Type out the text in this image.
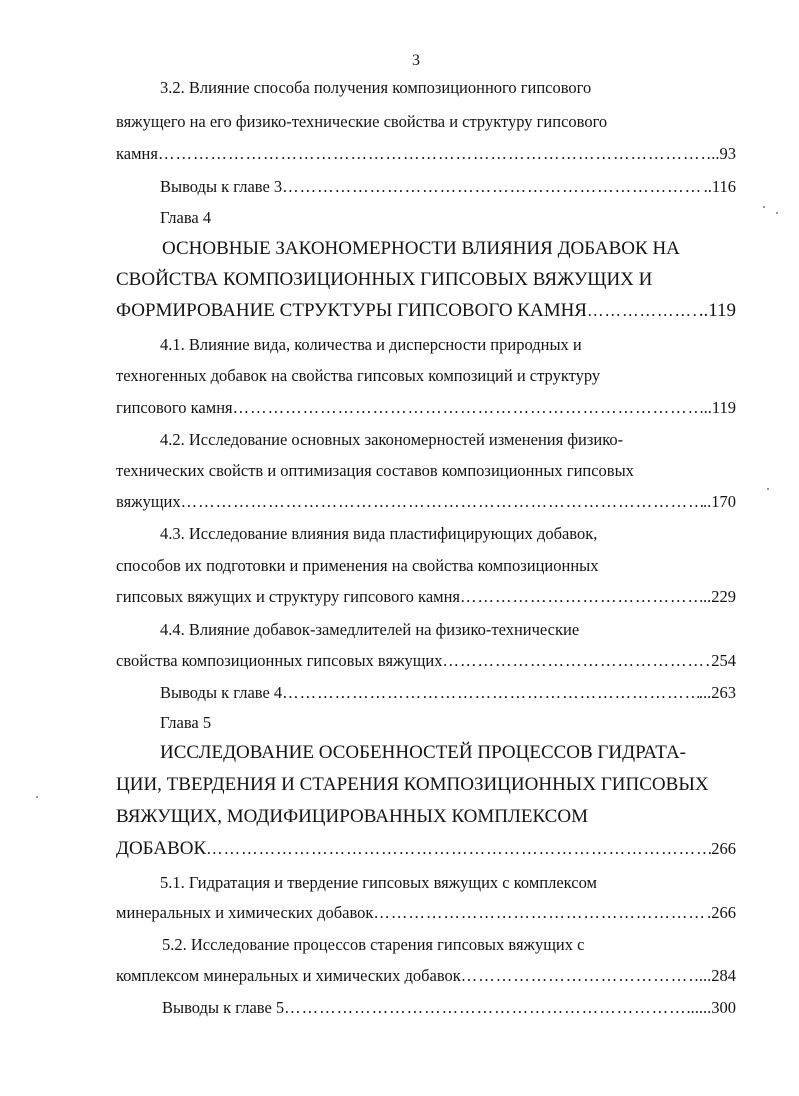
3
3.2. Влияние способа получения композиционного гипсового
вяжущего на его физико-технические свойства и структуру гипсового
камня …………………………………………………………………………………………………………………………………………………………………………………………	..93
Выводы к главе 3 …………………………………………………………………………………………………………………………………………………………………………………………	..116
Глава 4
ОСНОВНЫЕ ЗАКОНОМЕРНОСТИ ВЛИЯНИЯ ДОБАВОК НА
СВОЙСТВА КОМПОЗИЦИОННЫХ ГИПСОВЫХ ВЯЖУЩИХ И
ФОРМИРОВАНИЕ СТРУКТУРЫ ГИПСОВОГО КАМНЯ …………………………………………………………………………………………………………………………………………………………………………………………	..119
4.1. Влияние вида, количества и дисперсности природных и
техногенных добавок на свойства гипсовых композиций и структуру
гипсового камня …………………………………………………………………………………………………………………………………………………………………………………………	...119
4.2. Исследование основных закономерностей изменения физико-
технических свойств и оптимизация составов композиционных гипсовых
вяжущих …………………………………………………………………………………………………………………………………………………………………………………………	..170
4.3. Исследование влияния вида пластифицирующих добавок,
способов их подготовки и применения на свойства композиционных
гипсовых вяжущих и структуру гипсового камня …………………………………………………………………………………………………………………………………………………………………………………………	..229
4.4. Влияние добавок-замедлителей на физико-технические
свойства композиционных гипсовых вяжущих …………………………………………………………………………………………………………………………………………………………………………………………	254
Выводы к главе 4 …………………………………………………………………………………………………………………………………………………………………………………………	...263
Глава 5
ИССЛЕДОВАНИЕ ОСОБЕННОСТЕЙ ПРОЦЕССОВ ГИДРАТА-
ЦИИ, ТВЕРДЕНИЯ И СТАРЕНИЯ КОМПОЗИЦИОННЫХ ГИПСОВЫХ
ВЯЖУЩИХ, МОДИФИЦИРОВАННЫХ КОМПЛЕКСОМ
ДОБАВОК …………………………………………………………………………………………………………………………………………………………………………………………	266
5.1. Гидратация и твердение гипсовых вяжущих с комплексом
минеральных и химических добавок …………………………………………………………………………………………………………………………………………………………………………………………	.266
5.2. Исследование процессов старения гипсовых вяжущих с
комплексом минеральных и химических добавок …………………………………………………………………………………………………………………………………………………………………………………………	...284
Выводы к главе 5 …………………………………………………………………………………………………………………………………………………………………………………………	......300
